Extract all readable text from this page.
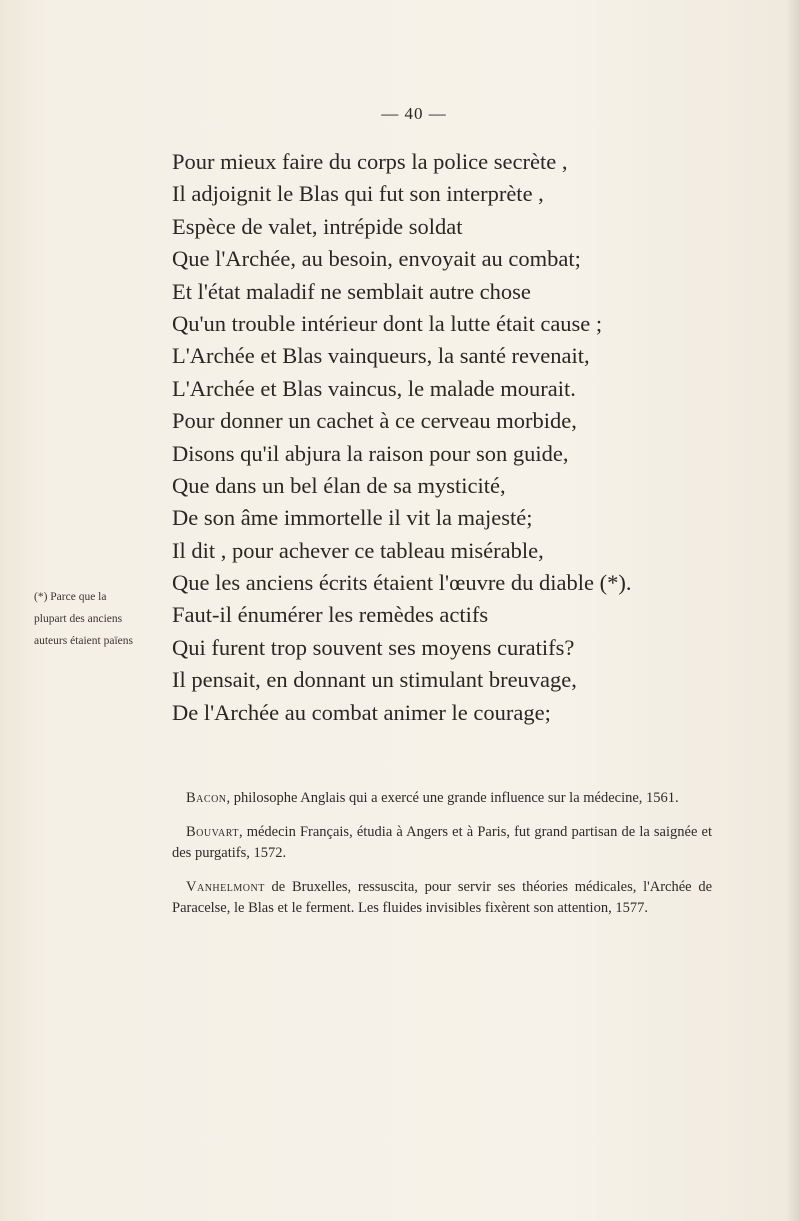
— 40 —
Pour mieux faire du corps la police secrète ,
Il adjoignit le Blas qui fut son interprète ,
Espèce de valet, intrépide soldat
Que l'Archée, au besoin, envoyait au combat;
Et l'état maladif ne semblait autre chose
Qu'un trouble intérieur dont la lutte était cause ;
L'Archée et Blas vainqueurs, la santé revenait,
L'Archée et Blas vaincus, le malade mourait.
Pour donner un cachet à ce cerveau morbide,
Disons qu'il abjura la raison pour son guide,
Que dans un bel élan de sa mysticité,
De son âme immortelle il vit la majesté;
Il dit , pour achever ce tableau misérable,
Que les anciens écrits étaient l'œuvre du diable (*).
Faut-il énumérer les remèdes actifs
Qui furent trop souvent ses moyens curatifs?
Il pensait, en donnant un stimulant breuvage,
De l'Archée au combat animer le courage;
(*) Parce que la
plupart des anciens
auteurs étaient païens

Bacon, philosophe Anglais qui a exercé une grande influence sur la médecine, 1561.

Bouvart, médecin Français, étudia à Angers et à Paris, fut grand partisan de la saignée et des purgatifs, 1572.

Vanhelmont de Bruxelles, ressuscita, pour servir ses théories médicales, l'Archée de Paracelse, le Blas et le ferment. Les fluides invisibles fixèrent son attention, 1577.
